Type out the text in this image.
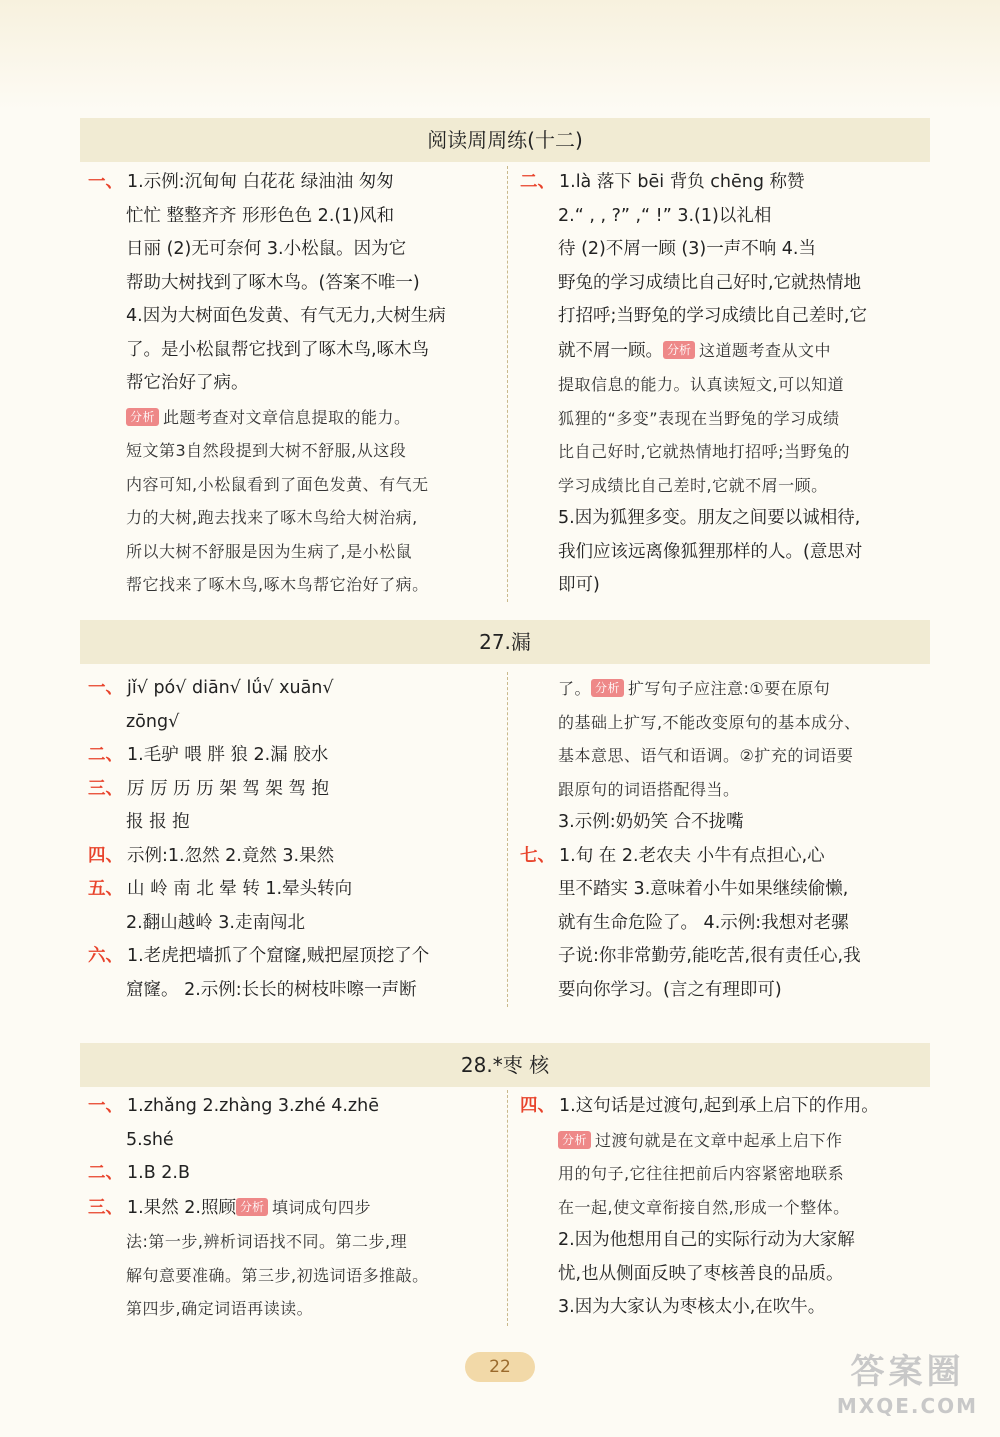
阅读周周练(十二)
一、 1.示例:沉甸甸 白花花 绿油油 匆匆
忙忙 整整齐齐 形形色色 2.(1)风和
日丽 (2)无可奈何 3.小松鼠。因为它
帮助大树找到了啄木鸟。(答案不唯一)
4.因为大树面色发黄、有气无力,大树生病
了。是小松鼠帮它找到了啄木鸟,啄木鸟
帮它治好了病。
分析 此题考查对文章信息提取的能力。
短文第3自然段提到大树不舒服,从这段
内容可知,小松鼠看到了面色发黄、有气无
力的大树,跑去找来了啄木鸟给大树治病,
所以大树不舒服是因为生病了,是小松鼠
帮它找来了啄木鸟,啄木鸟帮它治好了病。
二、 1.là 落下 bēi 背负 chēng 称赞
2.“ , , ?” ,“ !” 3.(1)以礼相
待 (2)不屑一顾 (3)一声不响 4.当
野兔的学习成绩比自己好时,它就热情地
打招呼;当野兔的学习成绩比自己差时,它
就不屑一顾。 分析 这道题考查从文中
提取信息的能力。认真读短文,可以知道
狐狸的“多变”表现在当野兔的学习成绩
比自己好时,它就热情地打招呼;当野兔的
学习成绩比自己差时,它就不屑一顾。
5.因为狐狸多变。朋友之间要以诚相待,
我们应该远离像狐狸那样的人。(意思对
即可)
27.漏
一、 jǐ√ pó√ diān√ lǘ√ xuān√
zōng√
二、 1.毛驴 喂 胖 狼 2.漏 胶水
三、 厉 厉 历 历 架 驾 架 驾 抱
报 报 抱
四、 示例:1.忽然 2.竟然 3.果然
五、 山 岭 南 北 晕 转 1.晕头转向
2.翻山越岭 3.走南闯北
六、 1.老虎把墙抓了个窟窿,贼把屋顶挖了个
窟窿。 2.示例:长长的树枝咔嚓一声断
了。 分析 扩写句子应注意:①要在原句
的基础上扩写,不能改变原句的基本成分、
基本意思、语气和语调。②扩充的词语要
跟原句的词语搭配得当。
3.示例:奶奶笑 合不拢嘴
七、 1.旬 在 2.老农夫 小牛有点担心,心
里不踏实 3.意味着小牛如果继续偷懒,
就有生命危险了。 4.示例:我想对老骡
子说:你非常勤劳,能吃苦,很有责任心,我
要向你学习。(言之有理即可)
28.*枣 核
一、 1.zhǎng 2.zhàng 3.zhé 4.zhē
5.shé
二、 1.B 2.B
三、 1.果然 2.照顾 分析 填词成句四步
法:第一步,辨析词语找不同。第二步,理
解句意要准确。第三步,初选词语多推敲。
第四步,确定词语再读读。
四、 1.这句话是过渡句,起到承上启下的作用。
分析 过渡句就是在文章中起承上启下作
用的句子,它往往把前后内容紧密地联系
在一起,使文章衔接自然,形成一个整体。
2.因为他想用自己的实际行动为大家解
忧,也从侧面反映了枣核善良的品质。
3.因为大家认为枣核太小,在吹牛。
22	答案圈
MXQE.COM
